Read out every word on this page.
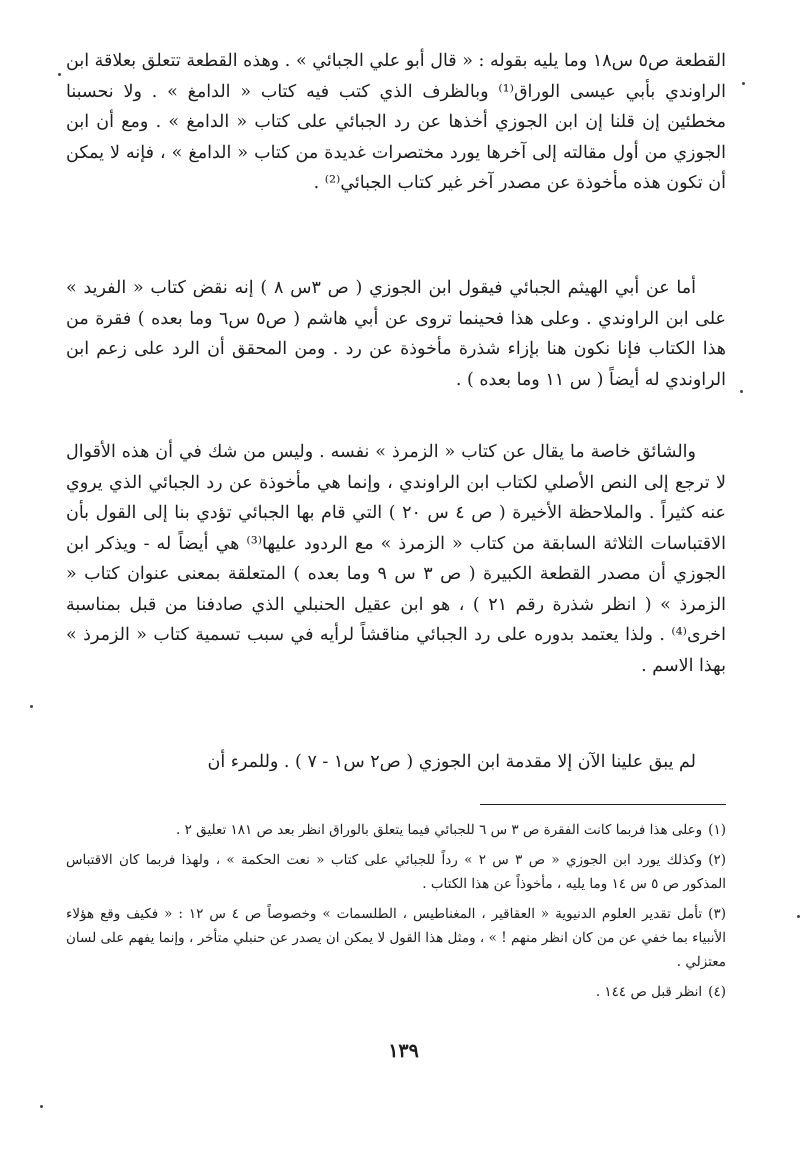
القطعة ص٥ س١٨ وما يليه بقوله : « قال أبو علي الجبائي » . وهذه القطعة تتعلق بعلاقة ابن الراوندي بأبي عيسى الوراق⁽¹⁾ وبالظرف الذي كتب فيه كتاب « الدامغ » . ولا نحسبنا مخطئين إن قلنا إن ابن الجوزي أخذها عن رد الجبائي على كتاب « الدامغ » . ومع أن ابن الجوزي من أول مقالته إلى آخرها يورد مختصرات غديدة من كتاب « الدامغ » ، فإنه لا يمكن أن تكون هذه مأخوذة عن مصدر آخر غير كتاب الجبائي⁽²⁾ .

أما عن أبي الهيثم الجبائي فيقول ابن الجوزي ( ص ٣س ٨ ) إنه نقض كتاب « الفريد » على ابن الراوندي . وعلى هذا فحينما تروى عن أبي هاشم ( ص٥ س٦ وما بعده ) فقرة من هذا الكتاب فإنا نكون هنا بإزاء شذرة مأخوذة عن رد . ومن المحقق أن الرد على زعم ابن الراوندي له أيضاً ( س ١١ وما بعده ) .

والشائق خاصة ما يقال عن كتاب « الزمرذ » نفسه . وليس من شك في أن هذه الأقوال لا ترجع إلى النص الأصلي لكتاب ابن الراوندي ، وإنما هي مأخوذة عن رد الجبائي الذي يروي عنه كثيراً . والملاحظة الأخيرة ( ص ٤ س ٢٠ ) التي قام بها الجبائي تؤدي بنا إلى القول بأن الاقتباسات الثلاثة السابقة من كتاب « الزمرذ » مع الردود عليها⁽³⁾ هي أيضاً له - ويذكر ابن الجوزي أن مصدر القطعة الكبيرة ( ص ٣ س ٩ وما بعده ) المتعلقة بمعنى عنوان كتاب « الزمرذ » ( انظر شذرة رقم ٢١ ) ، هو ابن عقيل الحنبلي الذي صادفنا من قبل بمناسبة اخرى⁽⁴⁾ . ولذا يعتمد بدوره على رد الجبائي مناقشاً لرأيه في سبب تسمية كتاب « الزمرذ » بهذا الاسم .

لم يبق علينا الآن إلا مقدمة ابن الجوزي ( ص٢ س١ - ٧ ) . وللمرء أن

(١)وعلى هذا فربما كانت الفقرة ص ٣ س ٦ للجبائي فيما يتعلق بالوراق انظر بعد ص ١٨١ تعليق ٢ .

(٢)وكذلك يورد ابن الجوزي « ص ٣ س ٢ » رداً للجبائي على كتاب « نعت الحكمة » ، ولهذا فربما كان الاقتباس المذكور ص ٥ س ١٤ وما يليه ، مأخوذاً عن هذا الكتاب .

(٣)تأمل تقدير العلوم الدنيوية « العقاقير ، المغناطيس ، الطلسمات » وخصوصاً ص ٤ س ١٢ : « فكيف وقع هؤلاء الأنبياء بما خفي عن من كان انظر منهم ! » ، ومثل هذا القول لا يمكن ان يصدر عن حنبلي متأخر ، وإنما يفهم على لسان معتزلي .

(٤)انظر قبل ص ١٤٤ .

١٣٩
